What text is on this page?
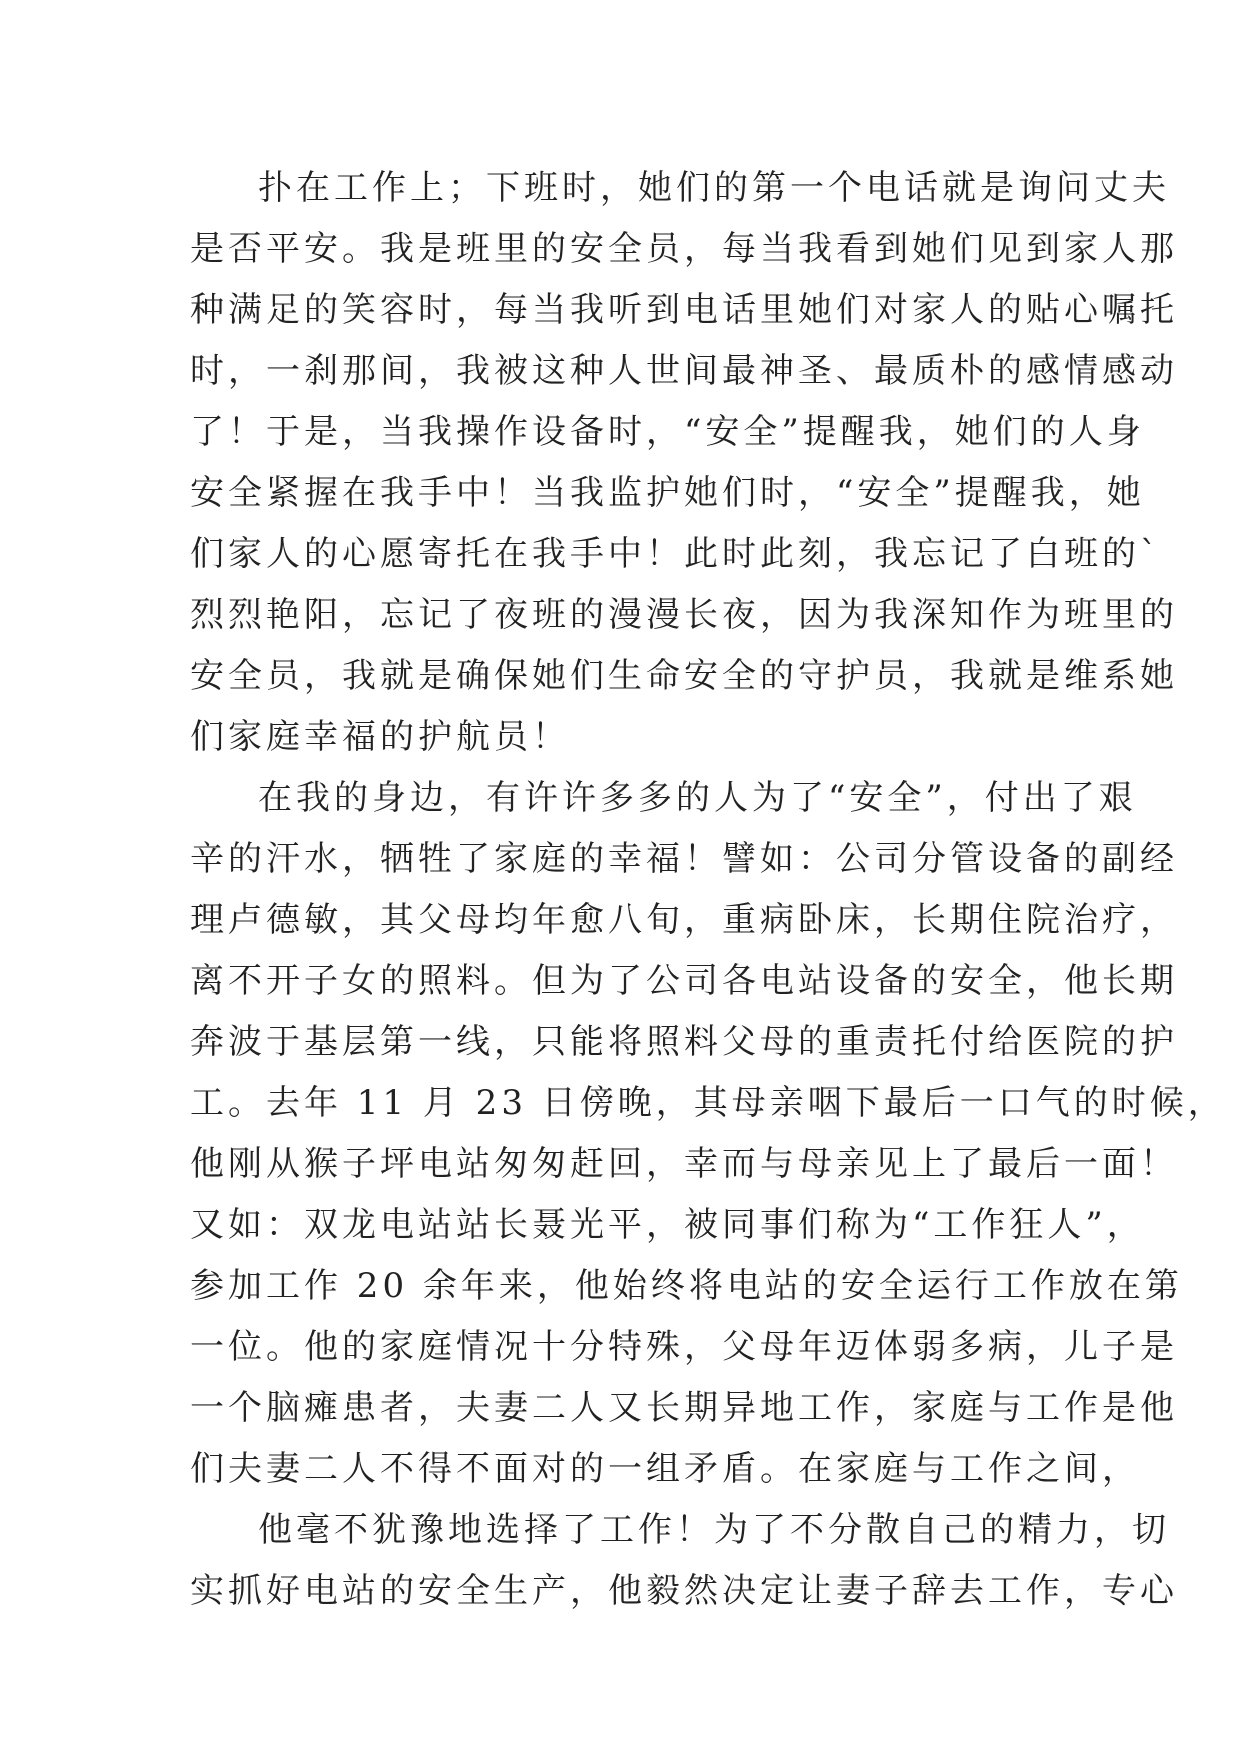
扑在工作上；下班时，她们的第一个电话就是询问丈夫
是否平安。我是班里的安全员，每当我看到她们见到家人那
种满足的笑容时，每当我听到电话里她们对家人的贴心嘱托
时，一刹那间，我被这种人世间最神圣、最质朴的感情感动
了！于是，当我操作设备时，“安全”提醒我，她们的人身
安全紧握在我手中！当我监护她们时，“安全”提醒我，她
们家人的心愿寄托在我手中！此时此刻，我忘记了白班的`
烈烈艳阳，忘记了夜班的漫漫长夜，因为我深知作为班里的
安全员，我就是确保她们生命安全的守护员，我就是维系她
们家庭幸福的护航员！
在我的身边，有许许多多的人为了“安全”，付出了艰
辛的汗水，牺牲了家庭的幸福！譬如：公司分管设备的副经
理卢德敏，其父母均年愈八旬，重病卧床，长期住院治疗，
离不开子女的照料。但为了公司各电站设备的安全，他长期
奔波于基层第一线，只能将照料父母的重责托付给医院的护
工。去年 11 月 23 日傍晚，其母亲咽下最后一口气的时候，
他刚从猴子坪电站匆匆赶回，幸而与母亲见上了最后一面！
又如：双龙电站站长聂光平，被同事们称为“工作狂人”，
参加工作 20 余年来，他始终将电站的安全运行工作放在第
一位。他的家庭情况十分特殊，父母年迈体弱多病，儿子是
一个脑瘫患者，夫妻二人又长期异地工作，家庭与工作是他
们夫妻二人不得不面对的一组矛盾。在家庭与工作之间，
他毫不犹豫地选择了工作！为了不分散自己的精力，切
实抓好电站的安全生产，他毅然决定让妻子辞去工作，专心
